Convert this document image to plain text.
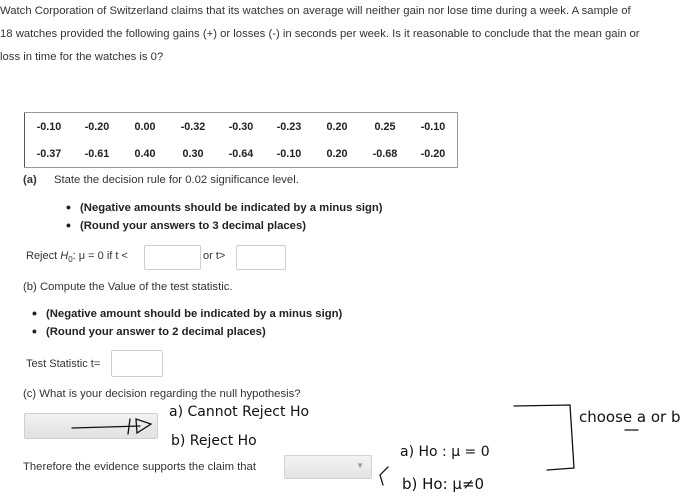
Watch Corporation of Switzerland claims that its watches on average will neither gain nor lose time during a week. A sample of 18 watches provided the following gains (+) or losses (-) in seconds per week. Is it reasonable to conclude that the mean gain or loss in time for the watches is 0?
-0.10	-0.20	0.00	-0.32	-0.30	-0.23	0.20	0.25	-0.10
-0.37	-0.61	0.40	0.30	-0.64	-0.10	0.20	-0.68	-0.20
(a) State the decision rule for 0.02 significance level.
• (Negative amounts should be indicated by a minus sign)
• (Round your answers to 3 decimal places)
Reject $H_0$: μ = 0 if t <	or t>
(b) Compute the Value of the test statistic.
• (Negative amount should be indicated by a minus sign)
• (Round your answer to 2 decimal places)
Test Statistic t=
(c) What is your decision regarding the null hypothesis?
Therefore the evidence supports the claim that	▼
a) Cannot Reject Ho
b) Reject Ho
a) Ho : μ = 0
b) Ho: μ≠0
choose a or b
